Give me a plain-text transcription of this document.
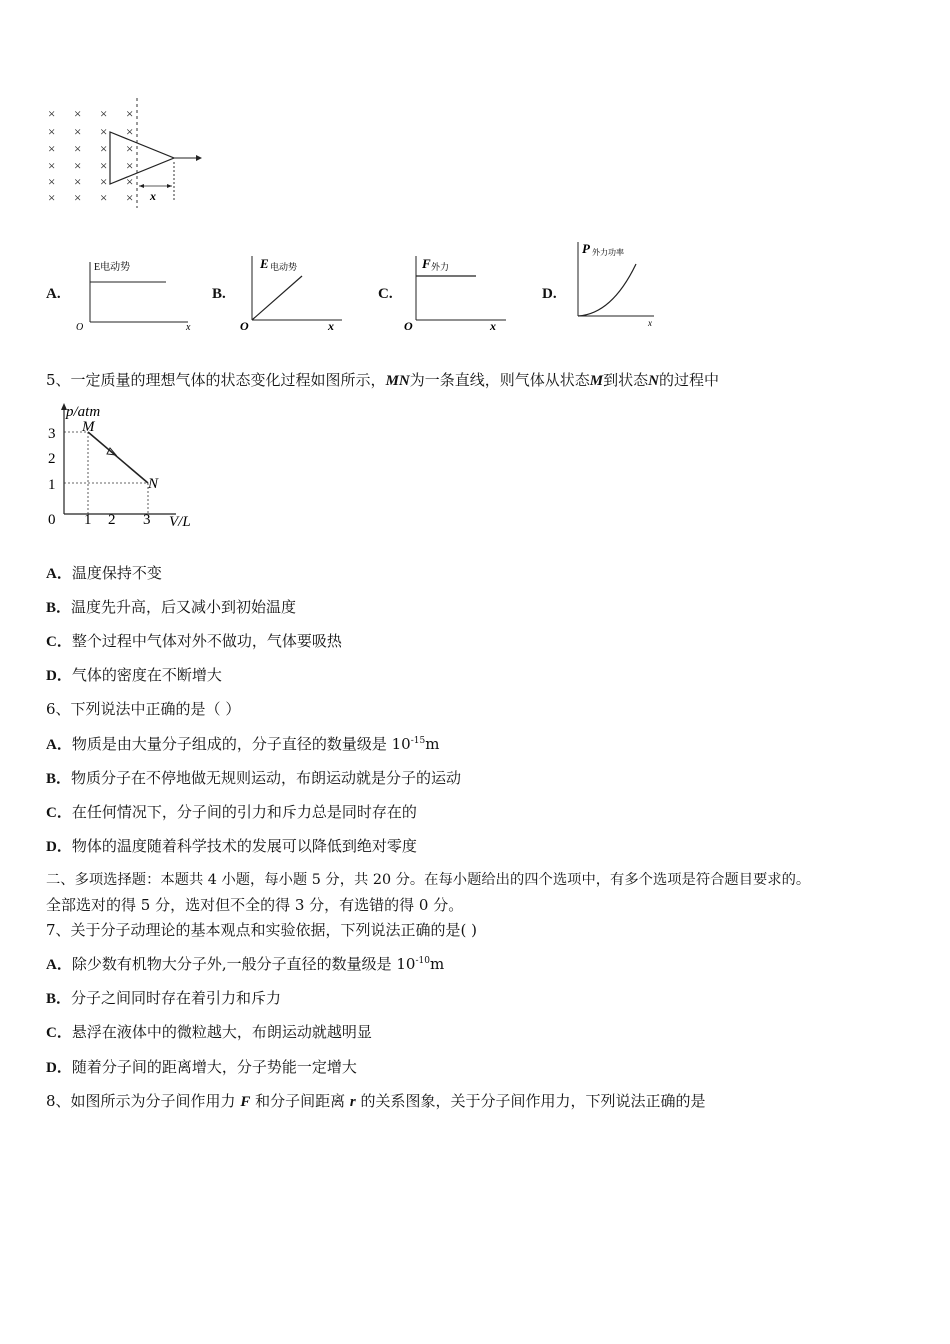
× × × ×
× × × ×
× × × ×
× × × ×
× × × ×
× × × × x
A.
E电动势
O	x
B.
E 电动势
O	x
C.
F 外力
O	x
D.
P 外力功率
x
5、一定质量的理想气体的状态变化过程如图所示，MN为一条直线，则气体从状态M到状态N的过程中
p/atm
V/L
0
3
2
1
1 2 3
M
N
A．温度保持不变
B．温度先升高，后又减小到初始温度
C．整个过程中气体对外不做功，气体要吸热
D．气体的密度在不断增大
6、下列说法中正确的是（ ）
A．物质是由大量分子组成的，分子直径的数量级是 $10^{-15}m$
B．物质分子在不停地做无规则运动，布朗运动就是分子的运动
C．在任何情况下，分子间的引力和斥力总是同时存在的
D．物体的温度随着科学技术的发展可以降低到绝对零度
二、多项选择题：本题共 4 小题，每小题 5 分，共 20 分。在每小题给出的四个选项中，有多个选项是符合题目要求的。
全部选对的得 5 分，选对但不全的得 3 分，有选错的得 0 分。
7、关于分子动理论的基本观点和实验依据，下列说法正确的是( )
A．除少数有机物大分子外,一般分子直径的数量级是 $10^{-10}m$
B．分子之间同时存在着引力和斥力
C．悬浮在液体中的微粒越大，布朗运动就越明显
D．随着分子间的距离增大，分子势能一定增大
8、如图所示为分子间作用力 F 和分子间距离 r 的关系图象，关于分子间作用力，下列说法正确的是
